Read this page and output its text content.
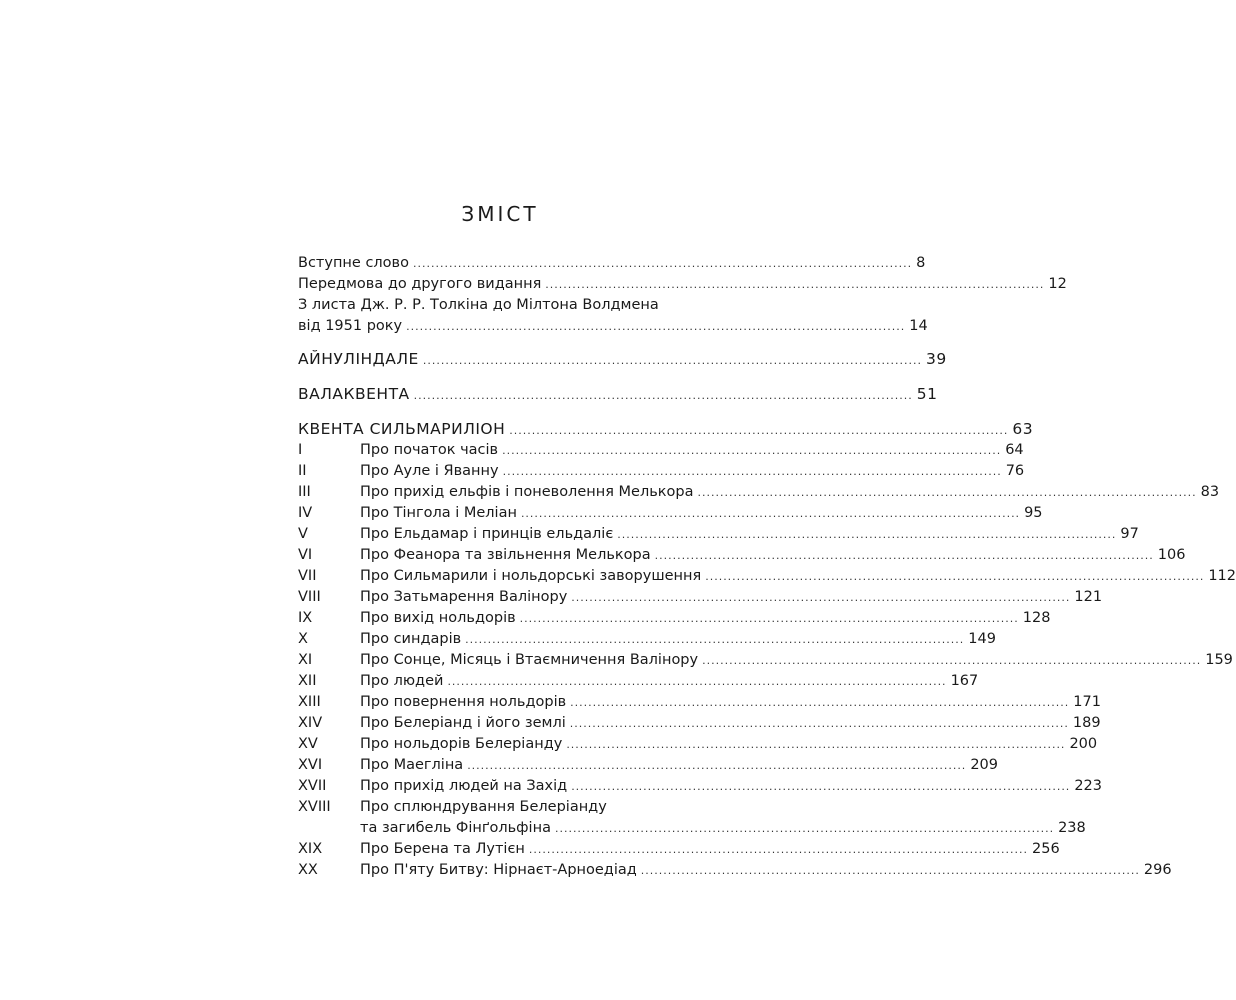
ЗМІСТ
Вступне слово ............................................................................................................... 8
Передмова до другого видання ............................................................................................................... 12
З листа Дж. Р. Р. Толкіна до Мілтона Волдмена
від 1951 року ............................................................................................................... 14
АЙНУЛІНДАЛЕ ............................................................................................................... 39
ВАЛАКВЕНТА ............................................................................................................... 51
КВЕНТА СИЛЬМАРИЛІОН ............................................................................................................... 63
I	Про початок часів ............................................................................................................... 64
II	Про Ауле і Яванну ............................................................................................................... 76
III	Про прихід ельфів і поневолення Мелькора ............................................................................................................... 83
IV	Про Тінгола і Меліан ............................................................................................................... 95
V	Про Ельдамар і принців ельдаліє ............................................................................................................... 97
VI	Про Феанора та звільнення Мелькора ............................................................................................................... 106
VII	Про Сильмарили і нольдорські заворушення ............................................................................................................... 112
VIII	Про Затьмарення Валінору ............................................................................................................... 121
IX	Про вихід нольдорів ............................................................................................................... 128
X	Про синдарів ............................................................................................................... 149
XI	Про Сонце, Місяць і Втаємничення Валінору ............................................................................................................... 159
XII	Про людей ............................................................................................................... 167
XIII	Про повернення нольдорів ............................................................................................................... 171
XIV	Про Белеріанд і його землі ............................................................................................................... 189
XV	Про нольдорів Белеріанду ............................................................................................................... 200
XVI	Про Маегліна ............................................................................................................... 209
XVII	Про прихід людей на Захід ............................................................................................................... 223
XVIII	Про сплюндрування Белеріанду
та загибель Фінґольфіна ............................................................................................................... 238
XIX	Про Берена та Лутієн ............................................................................................................... 256
XX	Про П'яту Битву: Нірнаєт-Арноедіад ............................................................................................................... 296
